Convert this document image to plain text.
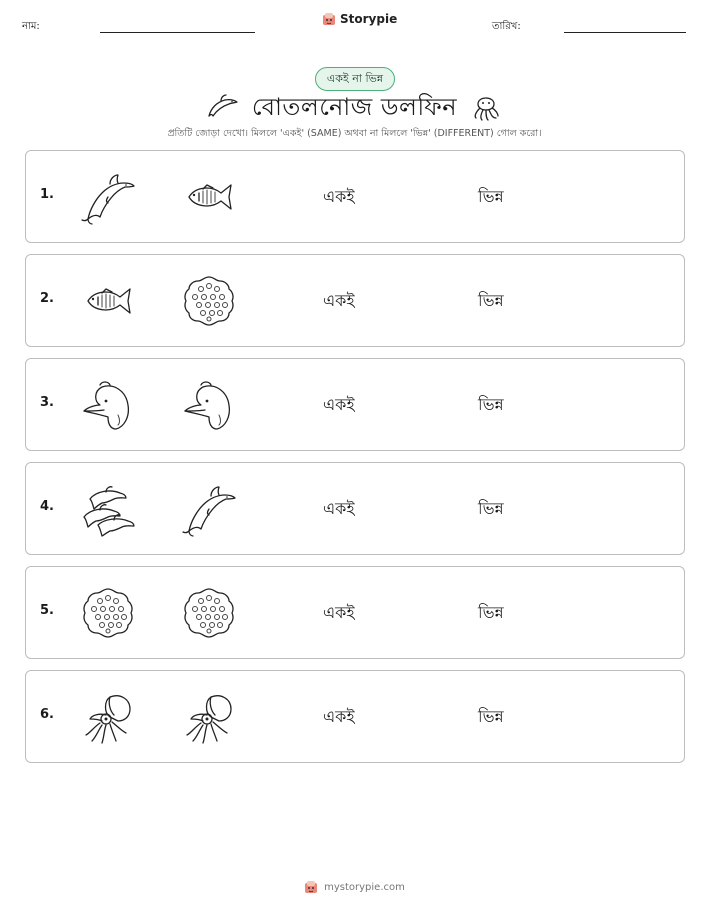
নাম:
Storypie
তারিখ:
একই না ভিন্ন
বোতলনোজ ডলফিন
প্রতিটি জোড়া দেখো। মিললে 'একই' (SAME) অথবা না মিললে 'ভিন্ন' (DIFFERENT) গোল করো।
1.	একই	ভিন্ন
2.	একই	ভিন্ন
3.	একই	ভিন্ন
4.	একই	ভিন্ন
5.	একই	ভিন্ন
6.	একই	ভিন্ন
mystorypie.com
